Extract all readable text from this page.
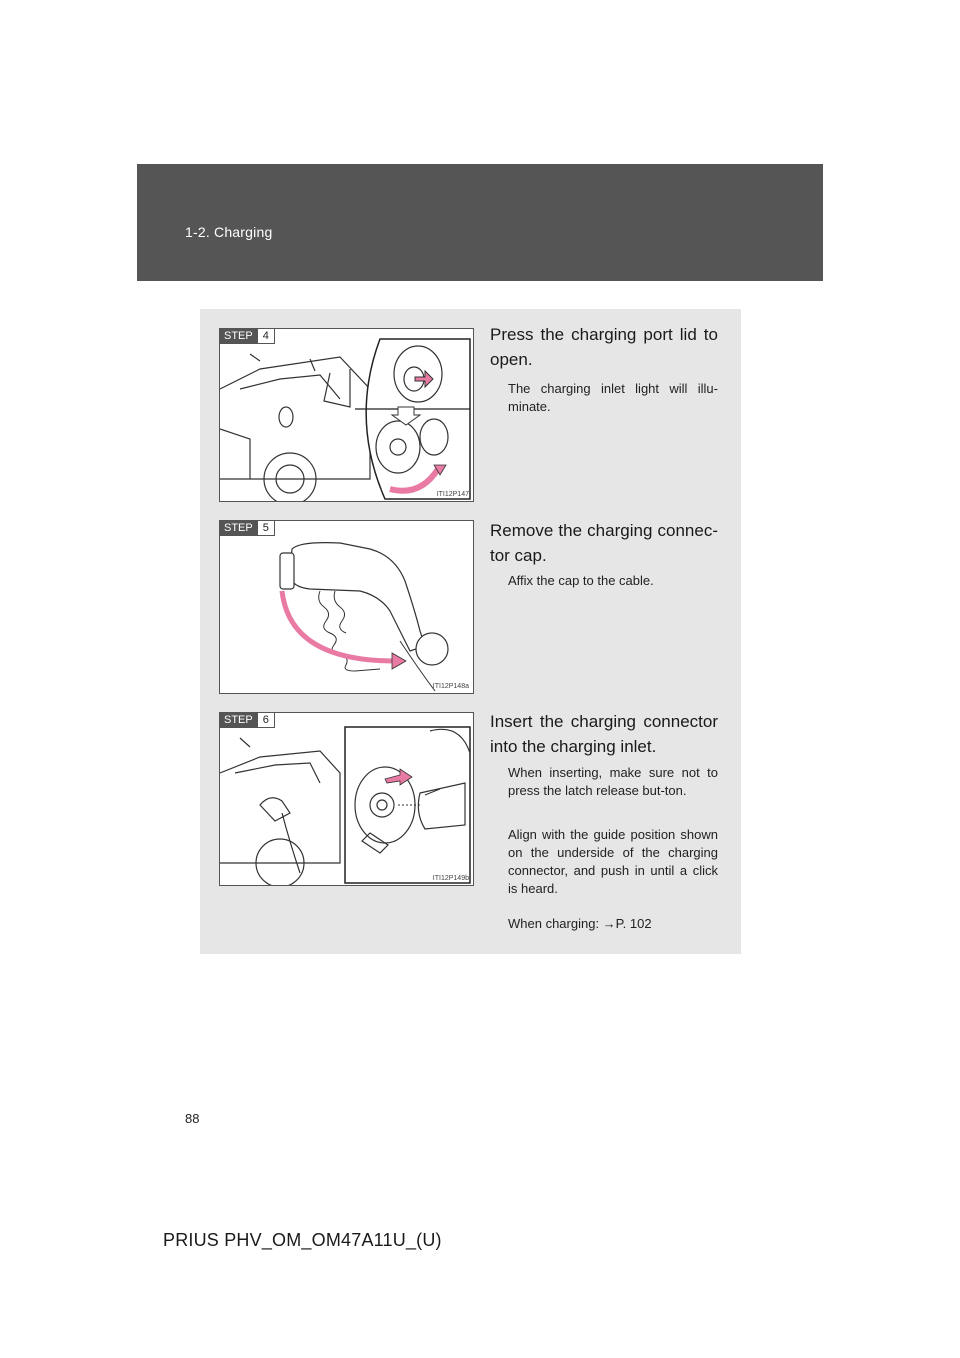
1-2. Charging
STEP 4
ITI12P147
Press the charging port lid to open.
The charging inlet light will illu-minate.
STEP 5
ITI12P148a
Remove the charging connec-tor cap.
Affix the cap to the cable.
STEP 6
ITI12P149b
Insert the charging connector into the charging inlet.
When inserting, make sure not to press the latch release but-ton.
Align with the guide position shown on the underside of the charging connector, and push in until a click is heard.
When charging: →P. 102
88
PRIUS PHV_OM_OM47A11U_(U)
